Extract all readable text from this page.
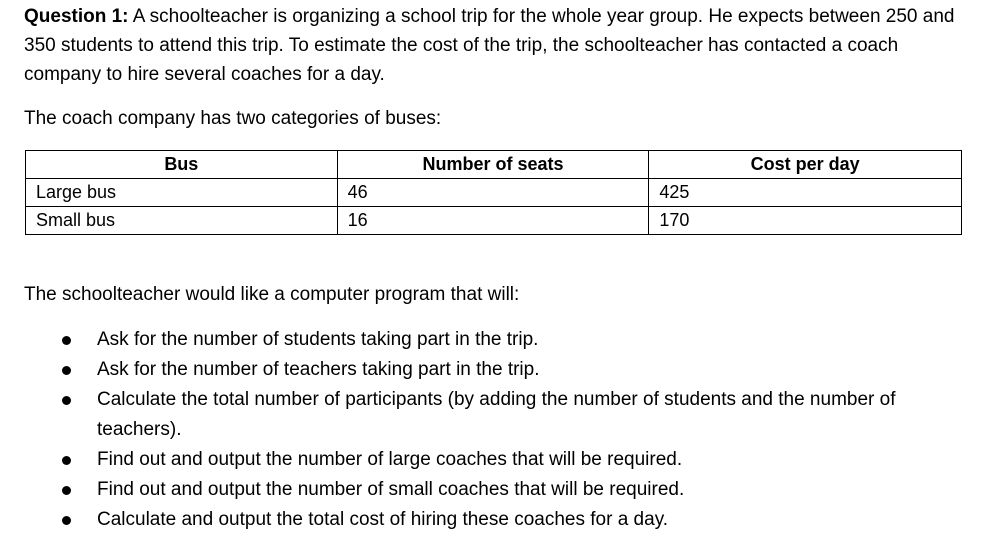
Question 1: A schoolteacher is organizing a school trip for the whole year group. He expects between 250 and 350 students to attend this trip. To estimate the cost of the trip, the schoolteacher has contacted a coach company to hire several coaches for a day.

The coach company has two categories of buses:

Bus	Number of seats	Cost per day
Large bus	46	425
Small bus	16	170

The schoolteacher would like a computer program that will:

Ask for the number of students taking part in the trip.
Ask for the number of teachers taking part in the trip.
Calculate the total number of participants (by adding the number of students and the number of teachers).
Find out and output the number of large coaches that will be required.
Find out and output the number of small coaches that will be required.
Calculate and output the total cost of hiring these coaches for a day.
